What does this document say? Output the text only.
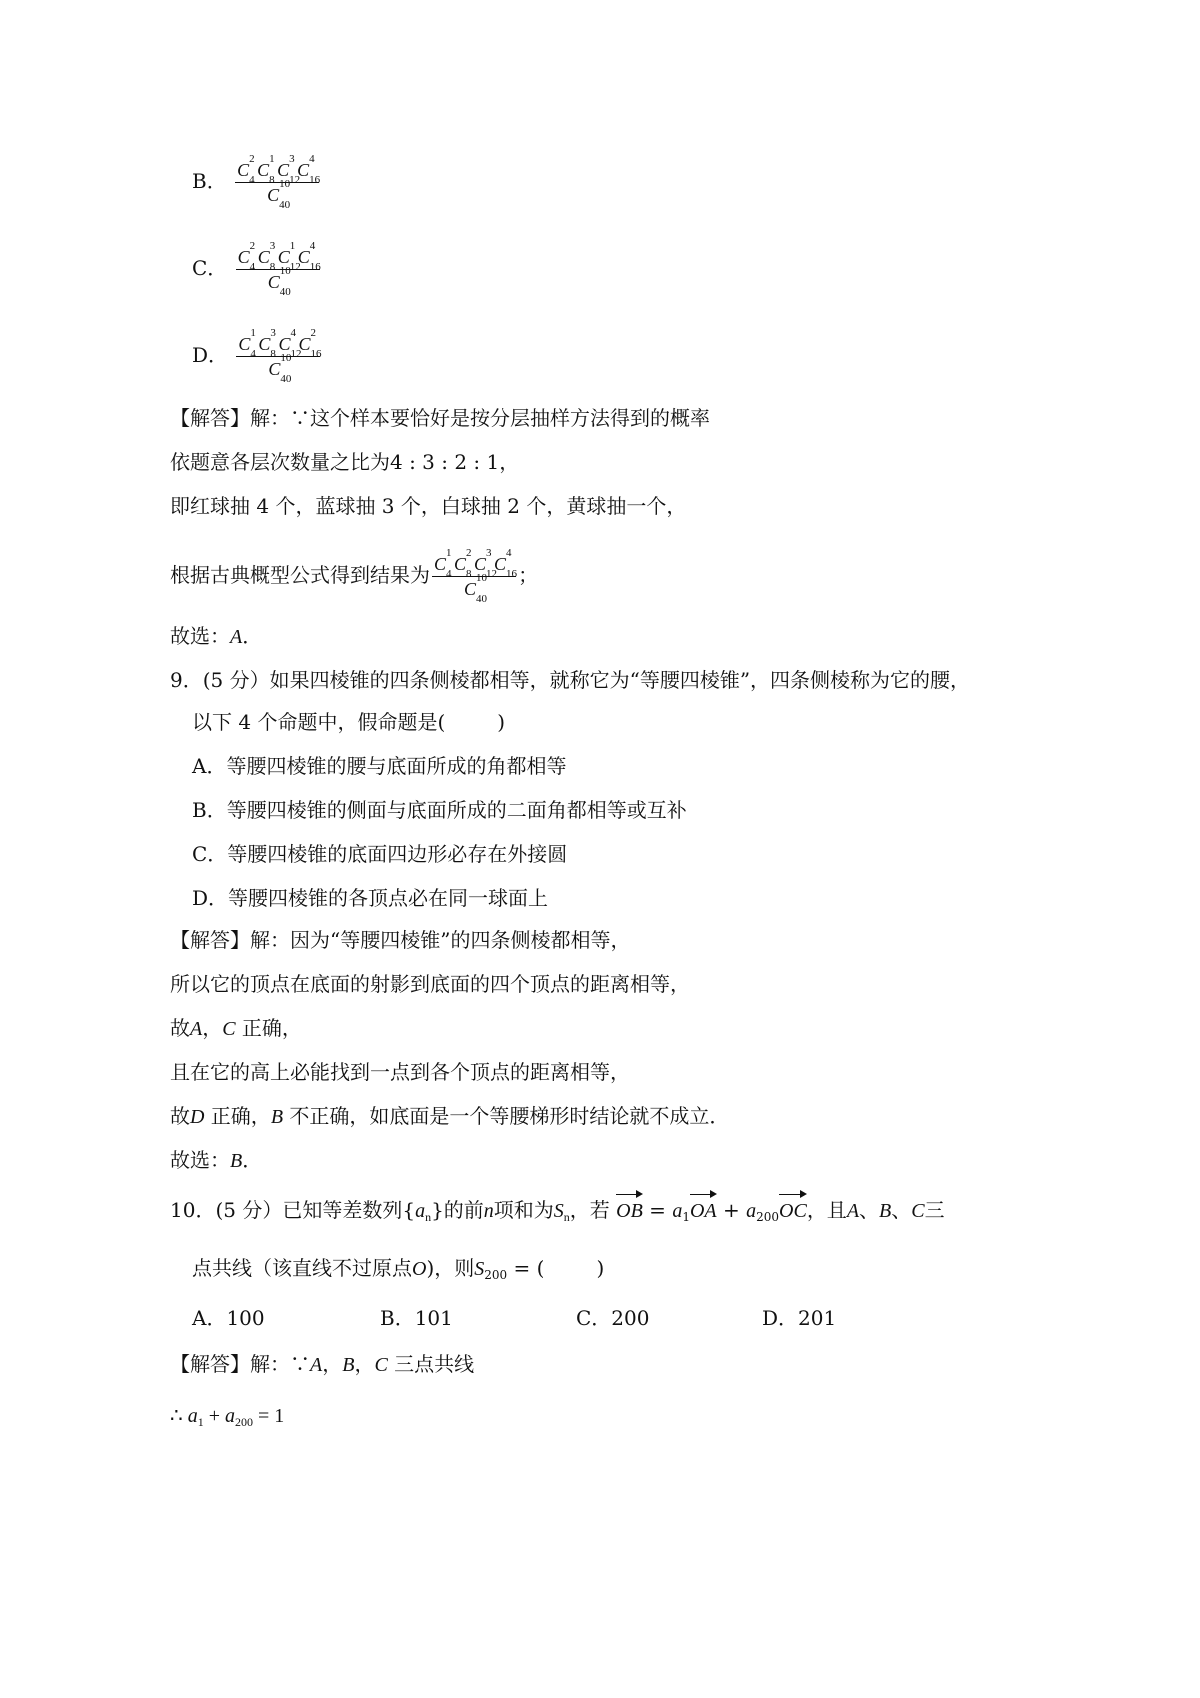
B． C
2
4 C
1
8 C
3
12
C
4
16
C
10
40
C． C
2
4 C
3
8 C
1
12
C
4
16
C
10
40
D． C
1
4 C
3
8 C
4
12
C
2
16
C
10
40
【解答】解：∵这个样本要恰好是按分层抽样方法得到的概率
依题意各层次数量之比为4 : 3 : 2 : 1，
即红球抽 4 个，蓝球抽 3 个，白球抽 2 个，黄球抽一个，
根据古典概型公式得到结果为 C
1
4 C
2
8 C
3
12
C
4
16
C
10
40 ；
故选：A．
9．(5 分）如果四棱锥的四条侧棱都相等，就称它为“等腰四棱锥”，四条侧棱称为它的腰，
以下 4 个命题中，假命题是(	)
A．等腰四棱锥的腰与底面所成的角都相等
B．等腰四棱锥的侧面与底面所成的二面角都相等或互补
C．等腰四棱锥的底面四边形必存在外接圆
D．等腰四棱锥的各顶点必在同一球面上
【解答】解：因为“等腰四棱锥”的四条侧棱都相等，
所以它的顶点在底面的射影到底面的四个顶点的距离相等，
故A，C 正确，
且在它的高上必能找到一点到各个顶点的距离相等，
故D 正确，B 不正确，如底面是一个等腰梯形时结论就不成立．
故选：B．
10．(5 分）已知等差数列$\{a_n\}$的前n项和为$S_n$，若 OB = $a_1OA + a_{200}OC$，且A、B、C三
点共线（该直线不过原点O)，则$S_{200}$ = (	)
A．100	B．101	C．200	D．201
【解答】解：∵A，B，C 三点共线
∴ $a_1 + a_{200} = 1$
